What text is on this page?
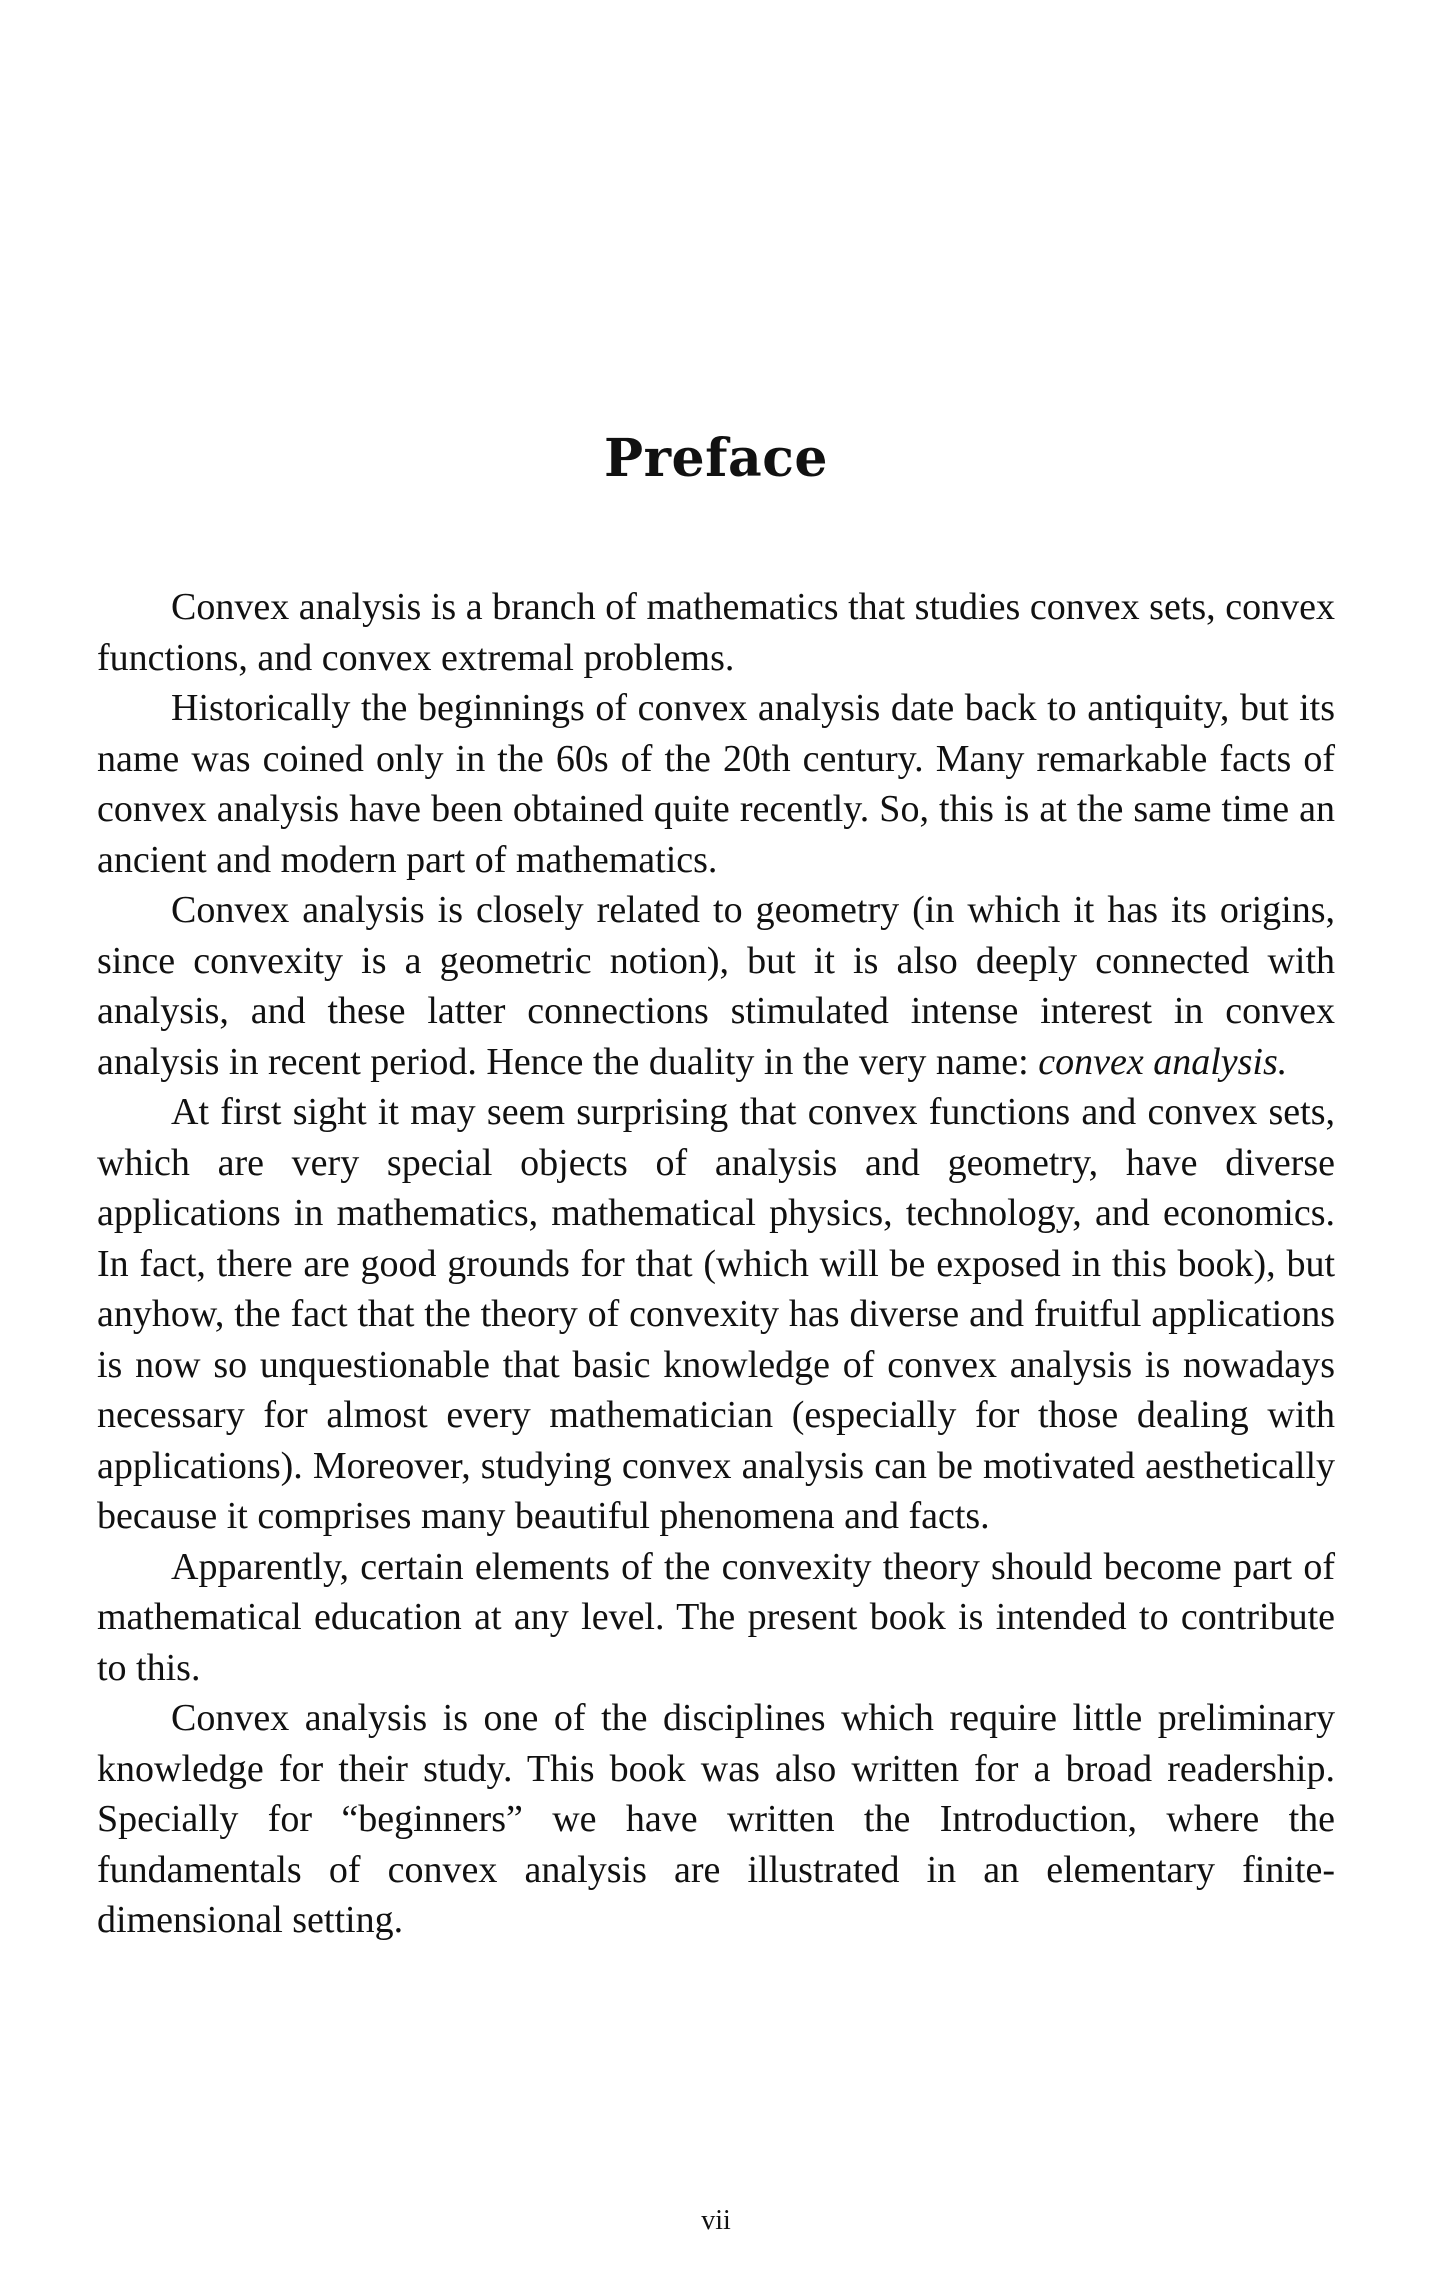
Preface

Convex analysis is a branch of mathematics that studies convex sets, convex functions, and convex extremal problems.

Historically the beginnings of convex analysis date back to antiquity, but its name was coined only in the 60s of the 20th century. Many remarkable facts of convex analysis have been obtained quite recently. So, this is at the same time an ancient and modern part of mathematics.

Convex analysis is closely related to geometry (in which it has its origins, since convexity is a geometric notion), but it is also deeply connected with analysis, and these latter connections stimulated intense interest in convex analysis in recent period. Hence the duality in the very name: convex analysis.

At first sight it may seem surprising that convex functions and convex sets, which are very special objects of analysis and geometry, have diverse applications in mathematics, mathematical physics, technology, and economics. In fact, there are good grounds for that (which will be exposed in this book), but anyhow, the fact that the theory of convexity has diverse and fruitful applications is now so unquestionable that basic knowledge of convex analysis is nowadays necessary for almost every mathematician (especially for those dealing with applications). Moreover, studying convex analysis can be motivated aesthetically because it comprises many beautiful phenomena and facts.

Apparently, certain elements of the convexity theory should become part of mathematical education at any level. The present book is intended to contribute to this.

Convex analysis is one of the disciplines which require little preliminary knowledge for their study. This book was also written for a broad readership. Specially for “beginners” we have written the Introduction, where the fundamentals of convex analysis are illustrated in an elementary finite-dimensional setting.

vii
